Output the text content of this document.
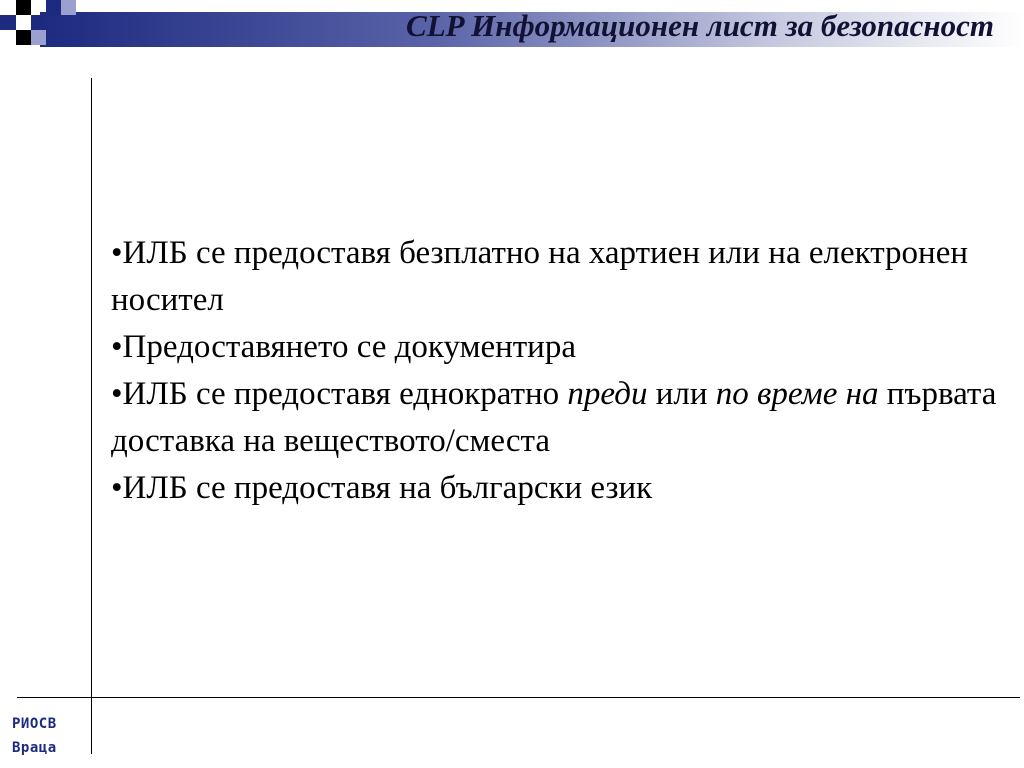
CLP Информационен лист за безопасност

•ИЛБ се предоставя безплатно на хартиен или на електронен носител

•Предоставянето се документира

•ИЛБ се предоставя еднократно преди или по време на първата доставка на веществото/сместа

•ИЛБ се предоставя на български език

РИОСВ
Враца
